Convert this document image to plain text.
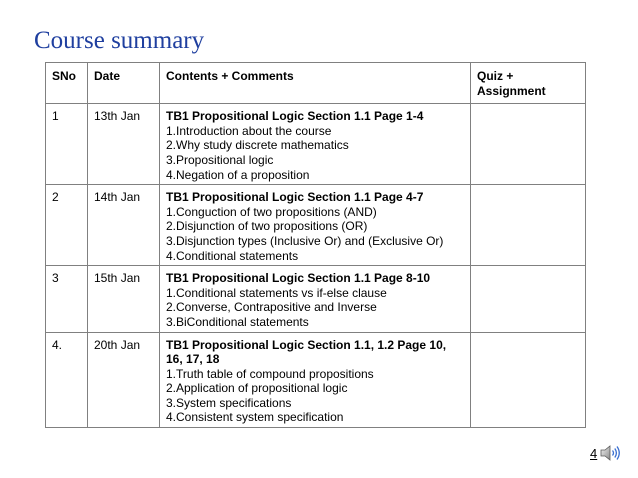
Course summary
SNo	Date	Contents + Comments	Quiz + Assignment
1	13th Jan	TB1 Propositional Logic Section 1.1 Page 1-4
1.Introduction about the course
2.Why study discrete mathematics
3.Propositional logic
4.Negation of a proposition	

2	14th Jan	TB1 Propositional Logic Section 1.1 Page 4-7
1.Conguction of two propositions (AND)
2.Disjunction of two propositions (OR)
3.Disjunction types (Inclusive Or) and (Exclusive Or)
4.Conditional statements	

3	15th Jan	TB1 Propositional Logic Section 1.1 Page 8-10
1.Conditional statements vs if-else clause
2.Converse, Contrapositive and Inverse
3.BiConditional statements	

4.	20th Jan	TB1 Propositional Logic Section 1.1, 1.2 Page 10, 16, 17, 18
1.Truth table of compound propositions
2.Application of propositional logic
3.System specifications
4.Consistent system specification	

4
